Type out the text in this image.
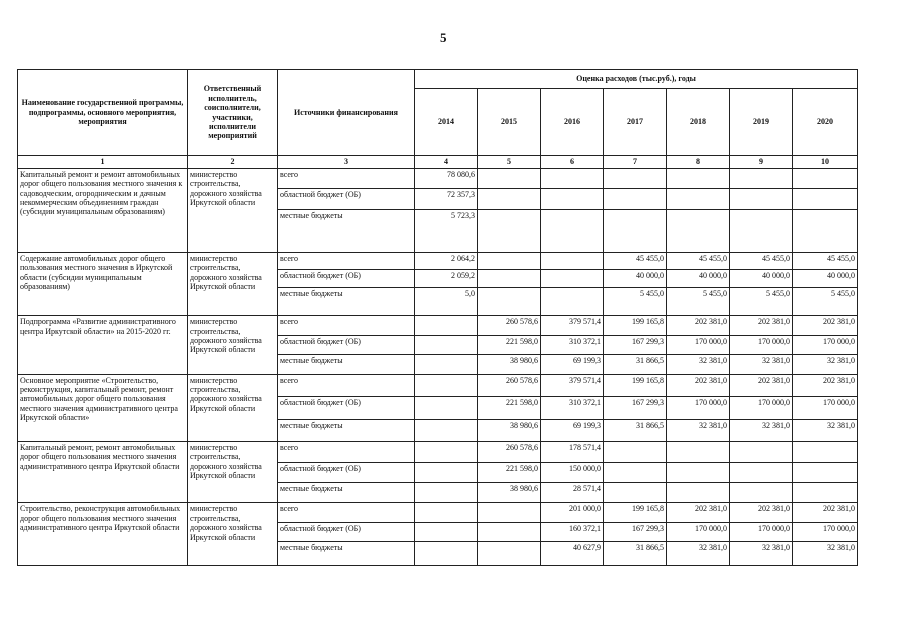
5
Наименование государственной программы, подпрограммы, основного мероприятия, мероприятия	Ответственный исполнитель, соисполнители, участники, исполнители мероприятий	Источники финансирования	Оценка расходов (тыс.руб.), годы						
			2014	2015	2016	2017	2018	2019	2020
1	2	3	4	5	6	7	8	9	10
Капитальный ремонт и ремонт автомобильных дорог общего пользования местного значения к садоводческим, огородническим и дачным некоммерческим объединениям граждан (субсидии муниципальным образованиям)	министерство строительства, дорожного хозяйства Иркутской области	всего	78 080,6						
		областной бюджет (ОБ)	72 357,3						
		местные бюджеты	5 723,3						
Содержание автомобильных дорог общего пользования местного значения в Иркутской области (субсидии муниципальным образованиям)	министерство строительства, дорожного хозяйства Иркутской области	всего	2 064,2			45 455,0	45 455,0	45 455,0	45 455,0
		областной бюджет (ОБ)	2 059,2			40 000,0	40 000,0	40 000,0	40 000,0
		местные бюджеты	5,0			5 455,0	5 455,0	5 455,0	5 455,0
Подпрограмма «Развитие административного центра Иркутской области» на 2015-2020 гг.	министерство строительства, дорожного хозяйства Иркутской области	всего		260 578,6	379 571,4	199 165,8	202 381,0	202 381,0	202 381,0
		областной бюджет (ОБ)		221 598,0	310 372,1	167 299,3	170 000,0	170 000,0	170 000,0
		местные бюджеты		38 980,6	69 199,3	31 866,5	32 381,0	32 381,0	32 381,0
Основное мероприятие «Строительство, реконструкция, капитальный ремонт, ремонт автомобильных дорог общего пользования местного значения административного центра Иркутской области»	министерство строительства, дорожного хозяйства Иркутской области	всего		260 578,6	379 571,4	199 165,8	202 381,0	202 381,0	202 381,0
		областной бюджет (ОБ)		221 598,0	310 372,1	167 299,3	170 000,0	170 000,0	170 000,0
		местные бюджеты		38 980,6	69 199,3	31 866,5	32 381,0	32 381,0	32 381,0
Капитальный ремонт, ремонт автомобильных дорог общего пользования местного значения административного центра Иркутской области	министерство строительства, дорожного хозяйства Иркутской области	всего		260 578,6	178 571,4				
		областной бюджет (ОБ)		221 598,0	150 000,0				
		местные бюджеты		38 980,6	28 571,4				
Строительство, реконструкция автомобильных дорог общего пользования местного значения административного центра Иркутской области	министерство строительства, дорожного хозяйства Иркутской области	всего			201 000,0	199 165,8	202 381,0	202 381,0	202 381,0
		областной бюджет (ОБ)			160 372,1	167 299,3	170 000,0	170 000,0	170 000,0
		местные бюджеты			40 627,9	31 866,5	32 381,0	32 381,0	32 381,0
